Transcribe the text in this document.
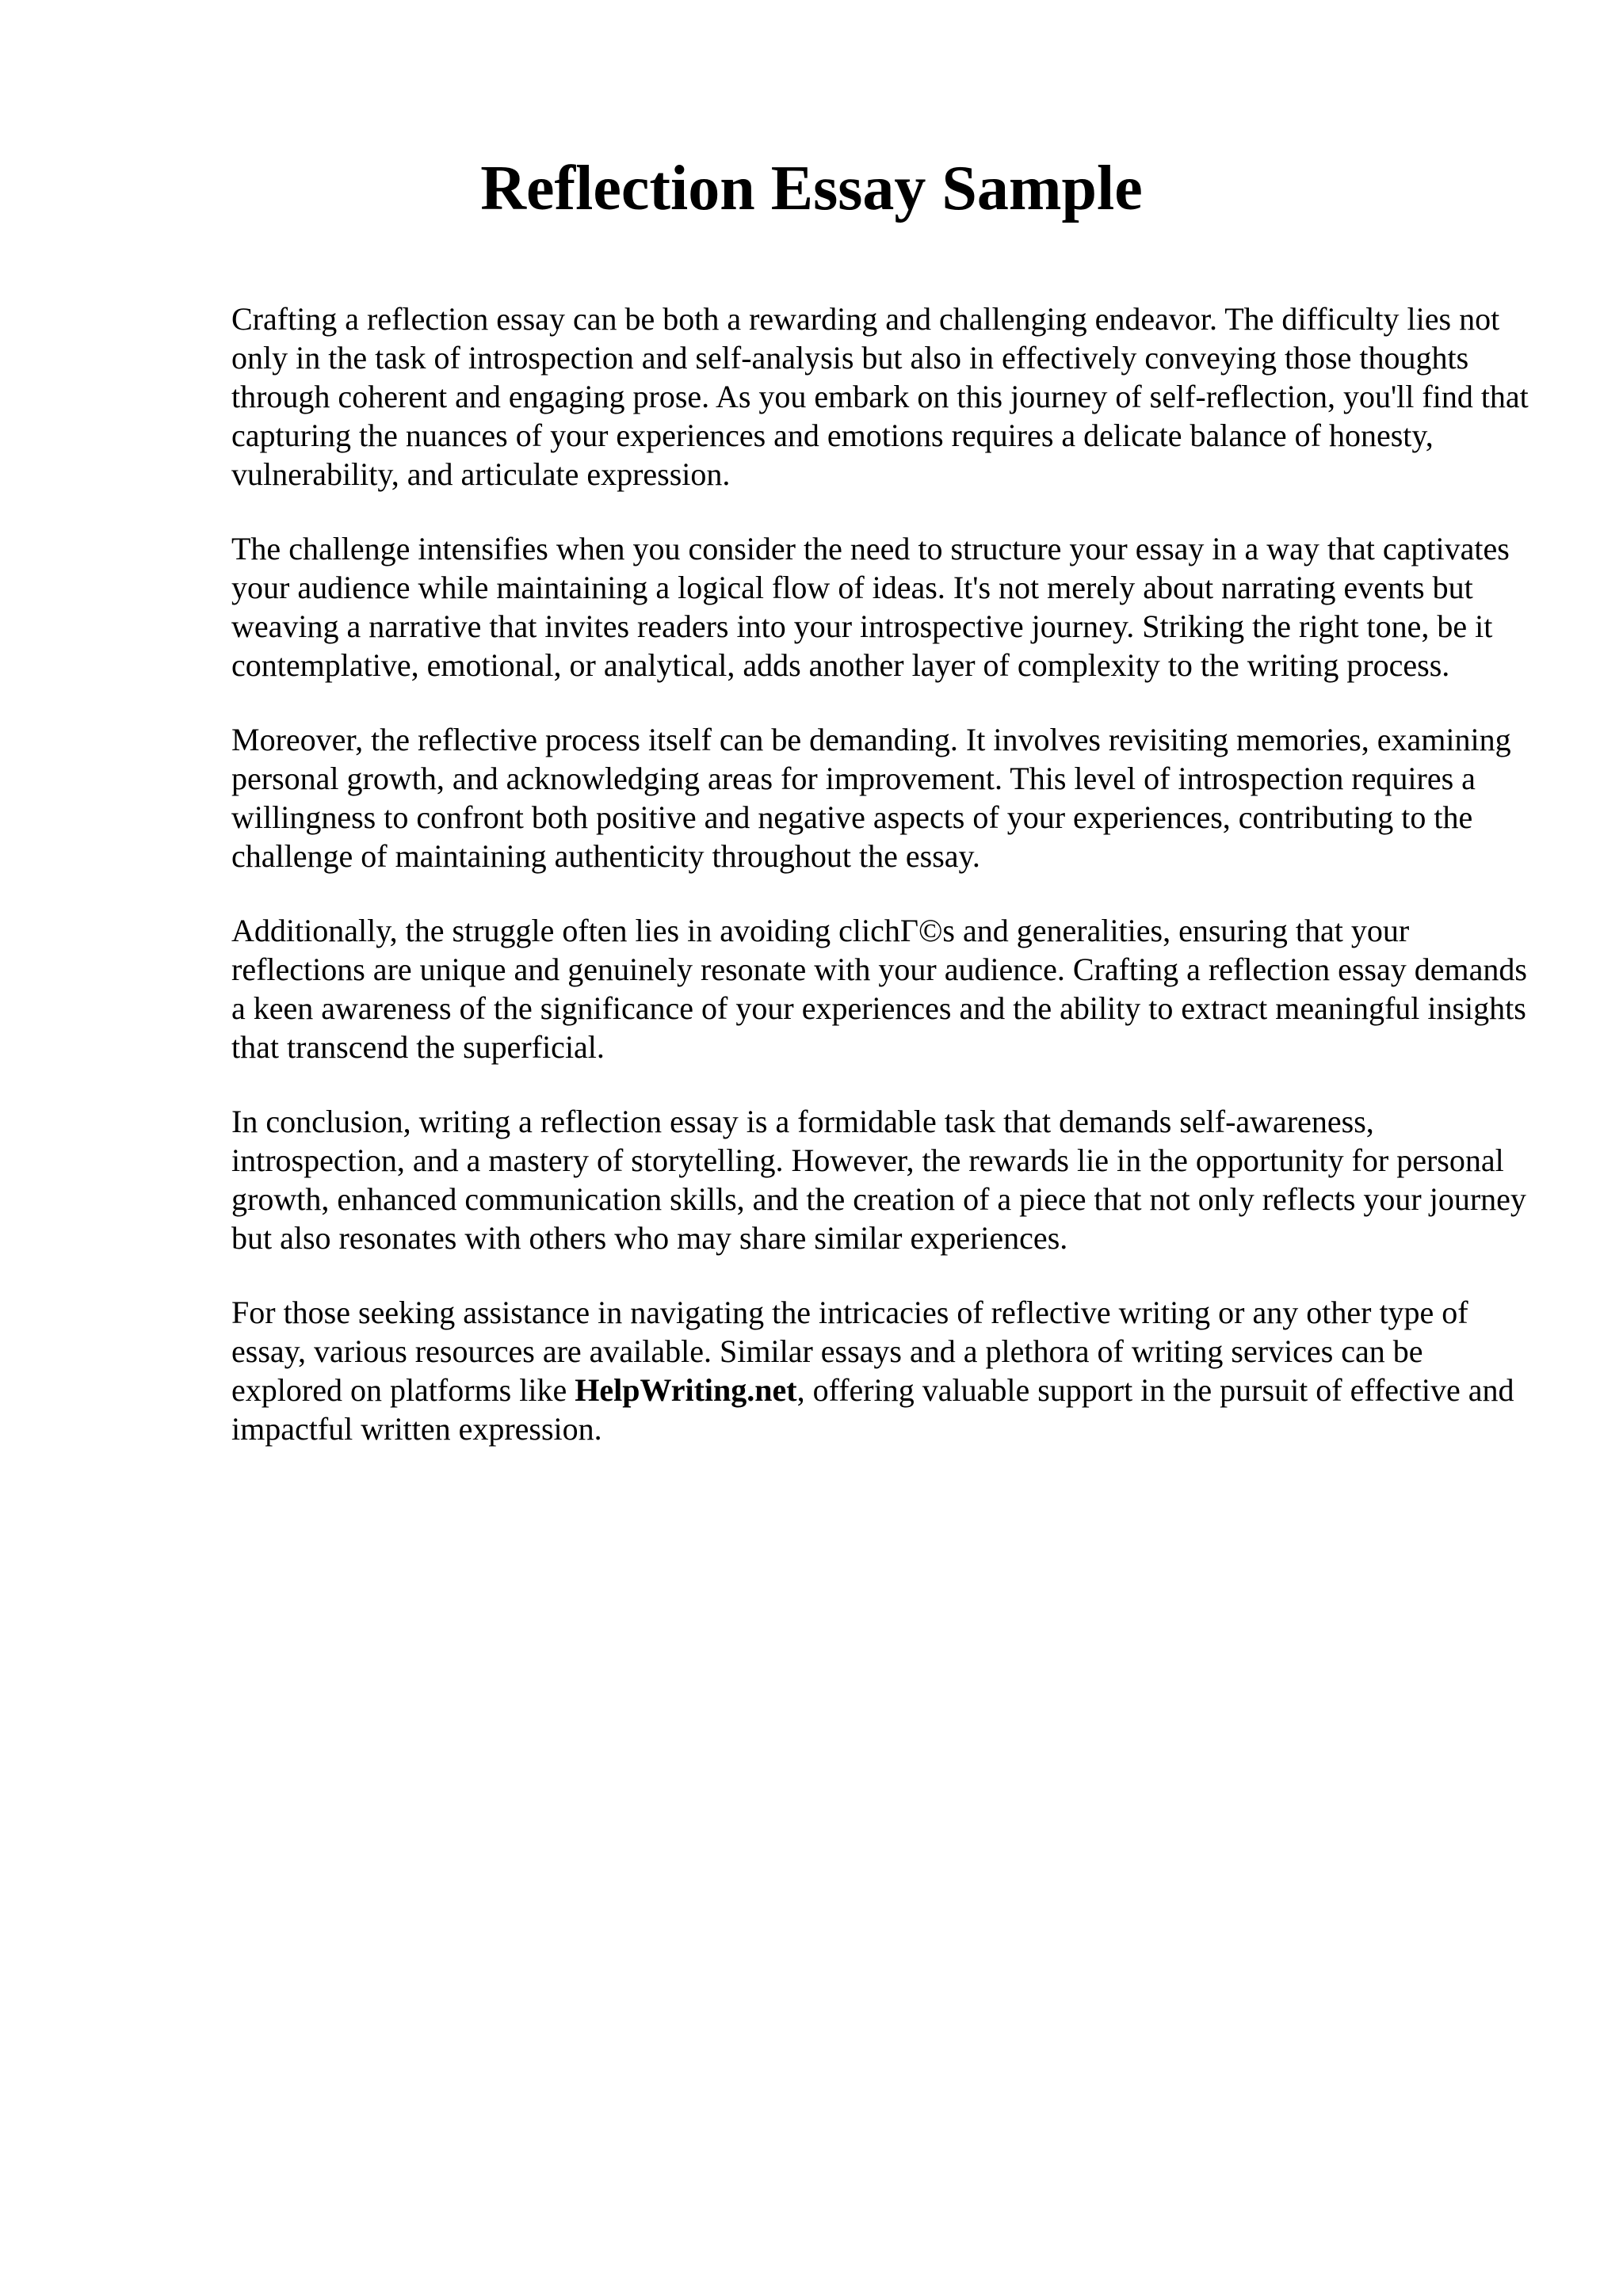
Reflection Essay Sample

Crafting a reflection essay can be both a rewarding and challenging endeavor. The difficulty lies not only in the task of introspection and self-analysis but also in effectively conveying those thoughts through coherent and engaging prose. As you embark on this journey of self-reflection, you'll find that capturing the nuances of your experiences and emotions requires a delicate balance of honesty, vulnerability, and articulate expression.

The challenge intensifies when you consider the need to structure your essay in a way that captivates your audience while maintaining a logical flow of ideas. It's not merely about narrating events but weaving a narrative that invites readers into your introspective journey. Striking the right tone, be it contemplative, emotional, or analytical, adds another layer of complexity to the writing process.

Moreover, the reflective process itself can be demanding. It involves revisiting memories, examining personal growth, and acknowledging areas for improvement. This level of introspection requires a willingness to confront both positive and negative aspects of your experiences, contributing to the challenge of maintaining authenticity throughout the essay.

Additionally, the struggle often lies in avoiding clichГ©s and generalities, ensuring that your reflections are unique and genuinely resonate with your audience. Crafting a reflection essay demands a keen awareness of the significance of your experiences and the ability to extract meaningful insights that transcend the superficial.

In conclusion, writing a reflection essay is a formidable task that demands self-awareness, introspection, and a mastery of storytelling. However, the rewards lie in the opportunity for personal growth, enhanced communication skills, and the creation of a piece that not only reflects your journey but also resonates with others who may share similar experiences.

For those seeking assistance in navigating the intricacies of reflective writing or any other type of essay, various resources are available. Similar essays and a plethora of writing services can be explored on platforms like HelpWriting.net, offering valuable support in the pursuit of effective and impactful written expression.
